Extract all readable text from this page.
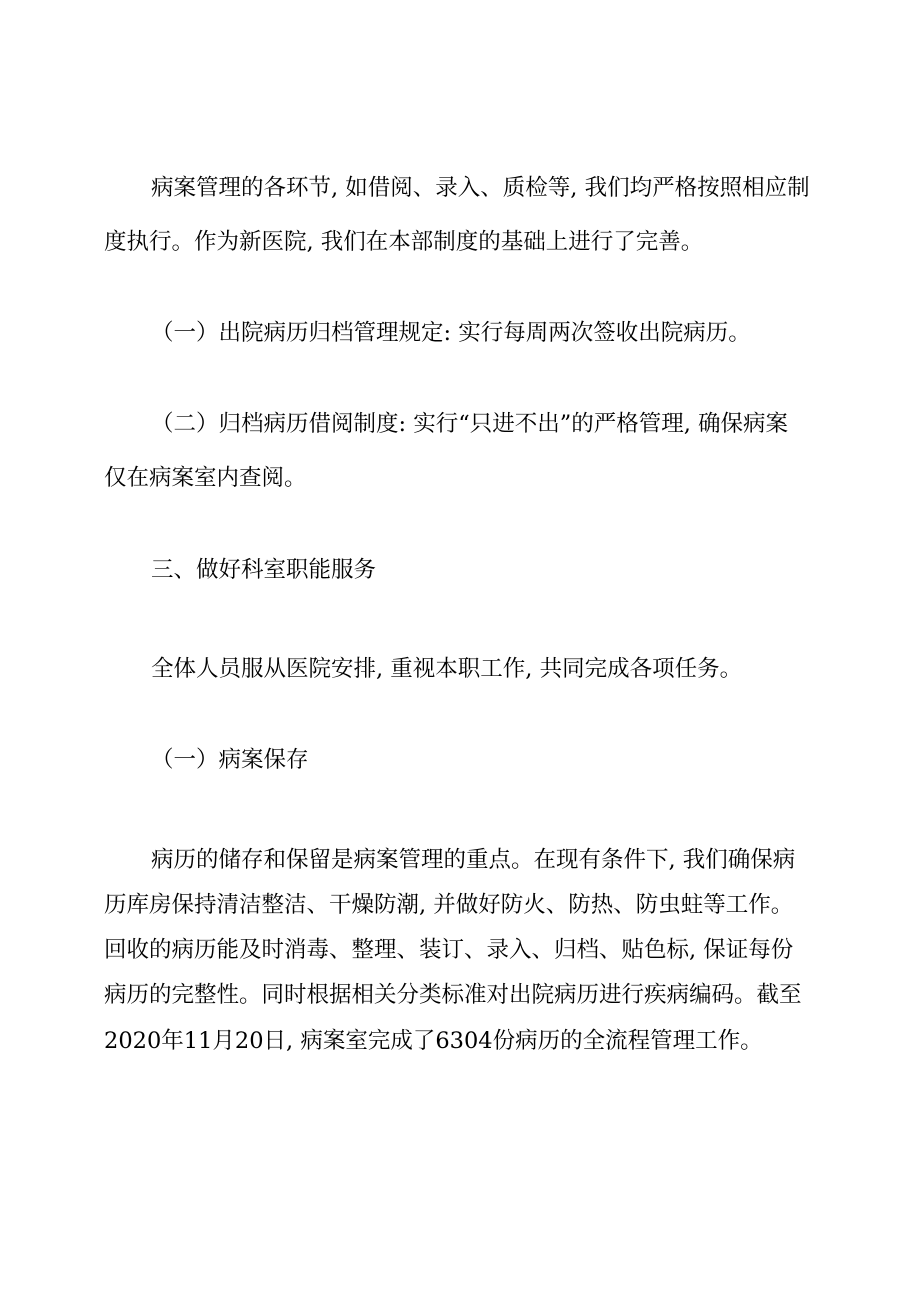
病案管理的各环节, 如借阅、录入、质检等, 我们均严格按照相应制
度执行。作为新医院, 我们在本部制度的基础上进行了完善。
（一）出院病历归档管理规定: 实行每周两次签收出院病历。
（二）归档病历借阅制度: 实行“只进不出”的严格管理, 确保病案
仅在病案室内查阅。
三、做好科室职能服务
全体人员服从医院安排, 重视本职工作, 共同完成各项任务。
（一）病案保存
病历的储存和保留是病案管理的重点。在现有条件下, 我们确保病
历库房保持清洁整洁、干燥防潮, 并做好防火、防热、防虫蛀等工作。
回收的病历能及时消毒、整理、装订、录入、归档、贴色标, 保证每份
病历的完整性。同时根据相关分类标准对出院病历进行疾病编码。截至
2020年11月20日, 病案室完成了6304份病历的全流程管理工作。
